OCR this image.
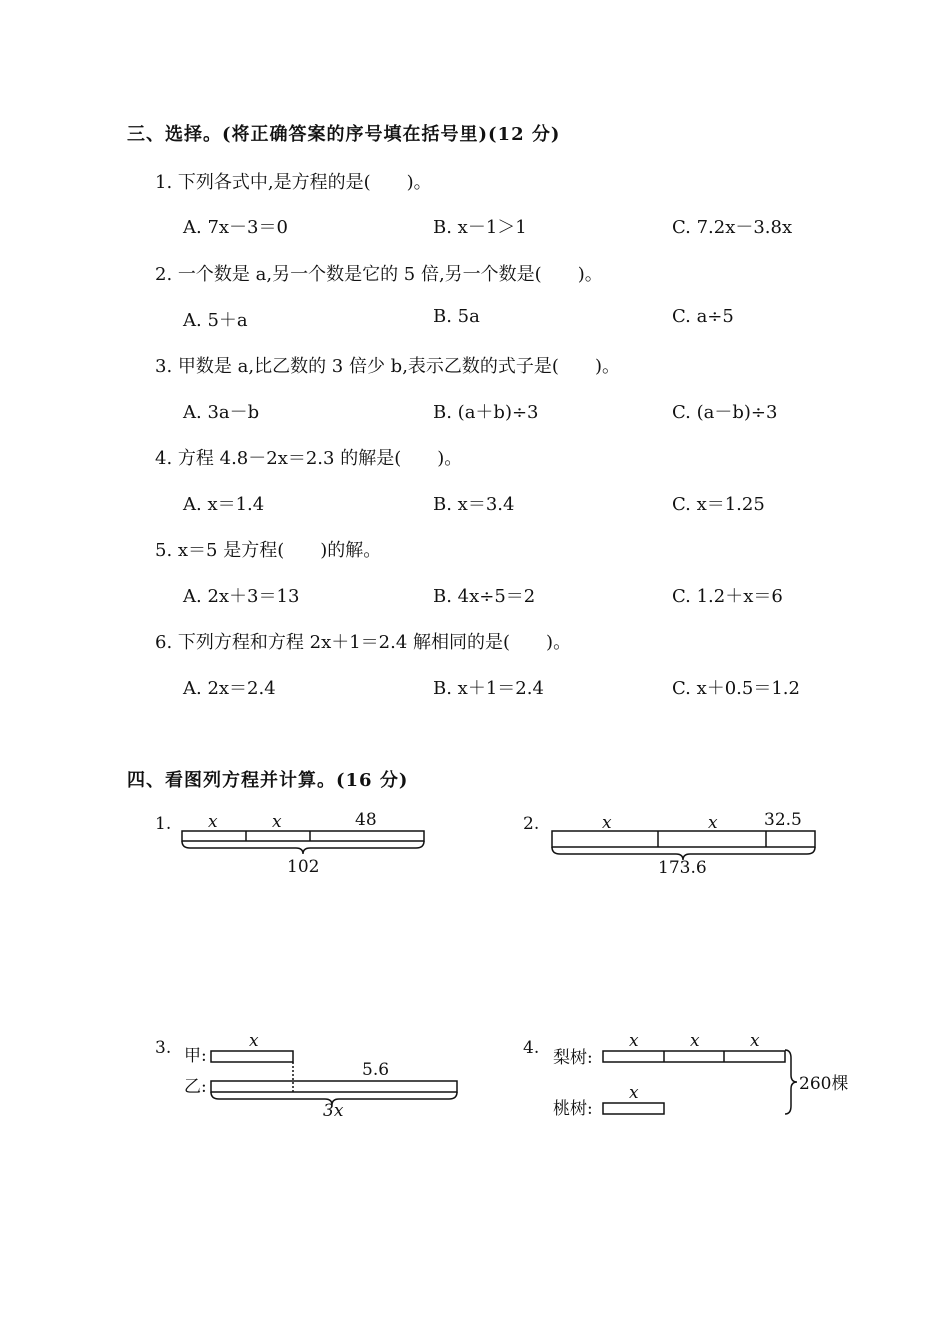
三、选择。(将正确答案的序号填在括号里)(12 分)
1. 下列各式中,是方程的是(　　)。
A. 7x－3＝0	B. x－1＞1	C. 7.2x－3.8x
2. 一个数是 a,另一个数是它的 5 倍,另一个数是(　　)。
A. 5＋a	B. 5a	C. a÷5
3. 甲数是 a,比乙数的 3 倍少 b,表示乙数的式子是(　　)。
A. 3a－b	B. (a＋b)÷3	C. (a－b)÷3
4. 方程 4.8－2x＝2.3 的解是(　　)。
A. x＝1.4	B. x＝3.4	C. x＝1.25
5. x＝5 是方程(　　)的解。
A. 2x＋3＝13	B. 4x÷5＝2	C. 1.2＋x＝6
6. 下列方程和方程 2x＋1＝2.4 解相同的是(　　)。
A. 2x＝2.4	B. x＋1＝2.4	C. x＋0.5＝1.2
四、看图列方程并计算。(16 分)
1. x	x	48
102
2.	x	x	32.5
173.6
3. 甲:
乙:
x
5.6
3x
4. 梨树:
桃树:
x	x	x
x	260棵
